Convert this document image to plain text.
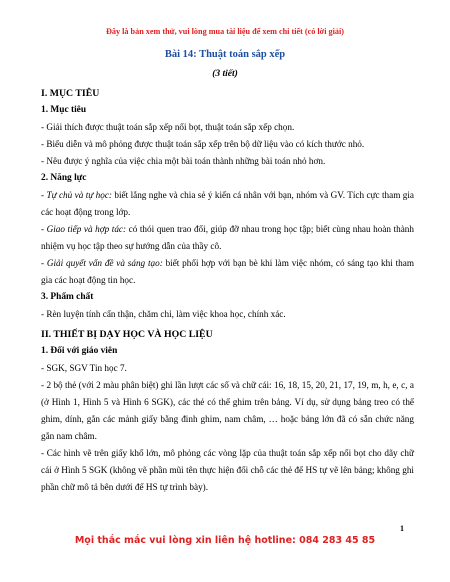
Đây là bản xem thử, vui lòng mua tài liệu để xem chi tiết (có lời giải)
Bài 14: Thuật toán sắp xếp
(3 tiết)

I. MỤC TIÊU

1. Mục tiêu

- Giải thích được thuật toán sắp xếp nổi bọt, thuật toán sắp xếp chọn.

- Biểu diễn và mô phỏng được thuật toán sắp xếp trên bộ dữ liệu vào có kích thước nhỏ.

- Nêu được ý nghĩa của việc chia một bài toán thành những bài toán nhỏ hơn.

2. Năng lực

- Tự chủ và tự học: biết lắng nghe và chia sẻ ý kiến cá nhân với bạn, nhóm và GV. Tích cực tham gia các hoạt động trong lớp.

- Giao tiếp và hợp tác: có thói quen trao đổi, giúp đỡ nhau trong học tập; biết cùng nhau hoàn thành nhiệm vụ học tập theo sự hướng dẫn của thầy cô.

- Giải quyết vấn đề và sáng tạo: biết phối hợp với bạn bè khi làm việc nhóm, có sáng tạo khi tham gia các hoạt động tin học.

3. Phẩm chất

- Rèn luyện tính cẩn thận, chăm chỉ, làm việc khoa học, chính xác.

II. THIẾT BỊ DẠY HỌC VÀ HỌC LIỆU

1. Đối với giáo viên

- SGK, SGV Tin học 7.

- 2 bộ thẻ (với 2 màu phân biệt) ghi lần lượt các số và chữ cái: 16, 18, 15, 20, 21, 17, 19, m, h, e, c, a (ở Hình 1, Hình 5 và Hình 6 SGK), các thẻ có thể ghim trên bảng. Ví dụ, sử dụng bảng treo có thể ghim, dính, gắn các mảnh giấy bằng đinh ghim, nam châm, … hoặc bảng lớn đã có sẵn chức năng gắn nam châm.

- Các hình vẽ trên giấy khổ lớn, mô phỏng các vòng lặp của thuật toán sắp xếp nổi bọt cho dãy chữ cái ở Hình 5 SGK (không vẽ phần mũi tên thực hiện đổi chỗ các thẻ để HS tự vẽ lên bảng; không ghi phần chữ mô tả bên dưới để HS tự trình bày).

1
Mọi thắc mắc vui lòng xin liên hệ hotline: 084 283 45 85
